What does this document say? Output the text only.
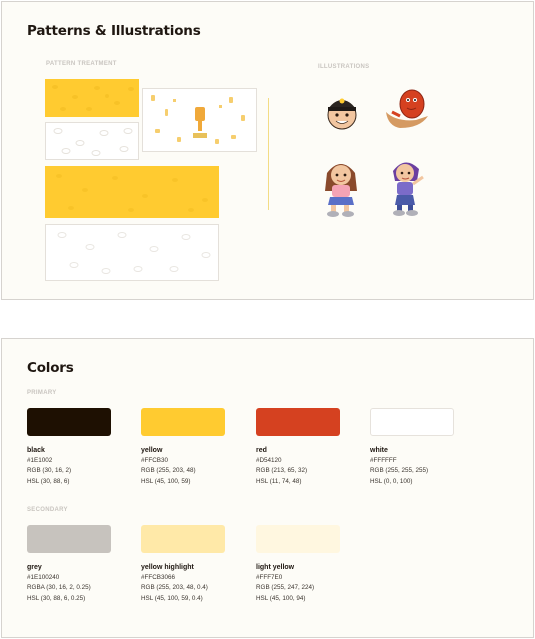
Patterns & Illustrations
PATTERN TREATMENT	ILLUSTRATIONS
Colors
PRIMARY
SECONDARY
black
#1E1002
RGB (30, 16, 2)
HSL (30, 88, 6)
yellow
#FFCB30
RGB (255, 203, 48)
HSL (45, 100, 59)
red
#D54120
RGB (213, 65, 32)
HSL (11, 74, 48)
white
#FFFFFF
RGB (255, 255, 255)
HSL (0, 0, 100)
grey
#1E100240
RGBA (30, 16, 2, 0.25)
HSL (30, 88, 6, 0.25)
yellow highlight
#FFCB3066
RGB (255, 203, 48, 0.4)
HSL (45, 100, 59, 0.4)
light yellow
#FFF7E0
RGB (255, 247, 224)
HSL (45, 100, 94)
